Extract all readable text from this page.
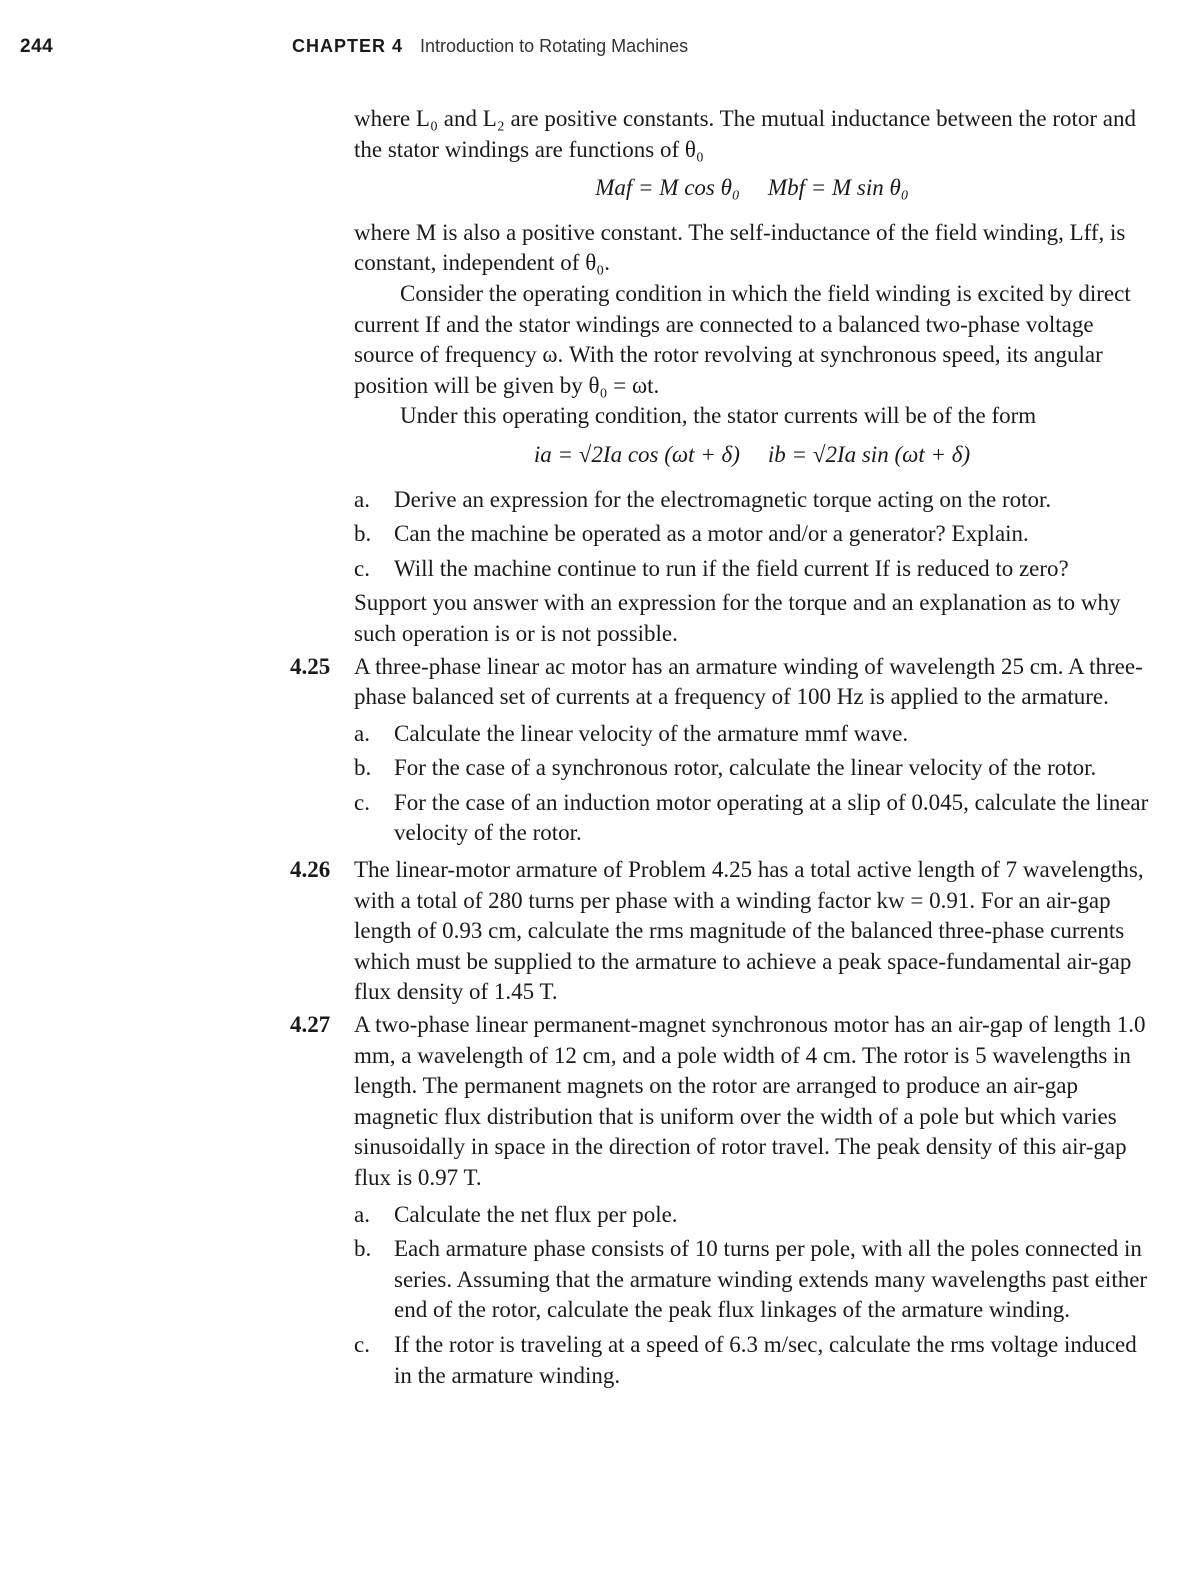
244	CHAPTER 4 Introduction to Rotating Machines

where L₀ and L₂ are positive constants. The mutual inductance between the rotor and the stator windings are functions of θ₀

Maf = M cos θ₀ Mbf = M sin θ₀

where M is also a positive constant. The self-inductance of the field winding, Lff, is constant, independent of θ₀.

Consider the operating condition in which the field winding is excited by direct current If and the stator windings are connected to a balanced two-phase voltage source of frequency ω. With the rotor revolving at synchronous speed, its angular position will be given by θ₀ = ωt.

Under this operating condition, the stator currents will be of the form

ia = √2Ia cos (ωt + δ) ib = √2Ia sin (ωt + δ)
a.	Derive an expression for the electromagnetic torque acting on the rotor.
b. Can the machine be operated as a motor and/or a generator? Explain.
c.	Will the machine continue to run if the field current If is reduced to zero?

Support you answer with an expression for the torque and an explanation as to why such operation is or is not possible.

4.25	A three-phase linear ac motor has an armature winding of wavelength 25 cm. A three-phase balanced set of currents at a frequency of 100 Hz is applied to the armature.
a.	Calculate the linear velocity of the armature mmf wave.
b. For the case of a synchronous rotor, calculate the linear velocity of the rotor.
c.	For the case of an induction motor operating at a slip of 0.045, calculate the linear velocity of the rotor.
4.26	The linear-motor armature of Problem 4.25 has a total active length of 7 wavelengths, with a total of 280 turns per phase with a winding factor kw = 0.91. For an air-gap length of 0.93 cm, calculate the rms magnitude of the balanced three-phase currents which must be supplied to the armature to achieve a peak space-fundamental air-gap flux density of 1.45 T.
4.27	A two-phase linear permanent-magnet synchronous motor has an air-gap of length 1.0 mm, a wavelength of 12 cm, and a pole width of 4 cm. The rotor is 5 wavelengths in length. The permanent magnets on the rotor are arranged to produce an air-gap magnetic flux distribution that is uniform over the width of a pole but which varies sinusoidally in space in the direction of rotor travel. The peak density of this air-gap flux is 0.97 T.
a.	Calculate the net flux per pole.
b. Each armature phase consists of 10 turns per pole, with all the poles connected in series. Assuming that the armature winding extends many wavelengths past either end of the rotor, calculate the peak flux linkages of the armature winding.
c.	If the rotor is traveling at a speed of 6.3 m/sec, calculate the rms voltage induced in the armature winding.
